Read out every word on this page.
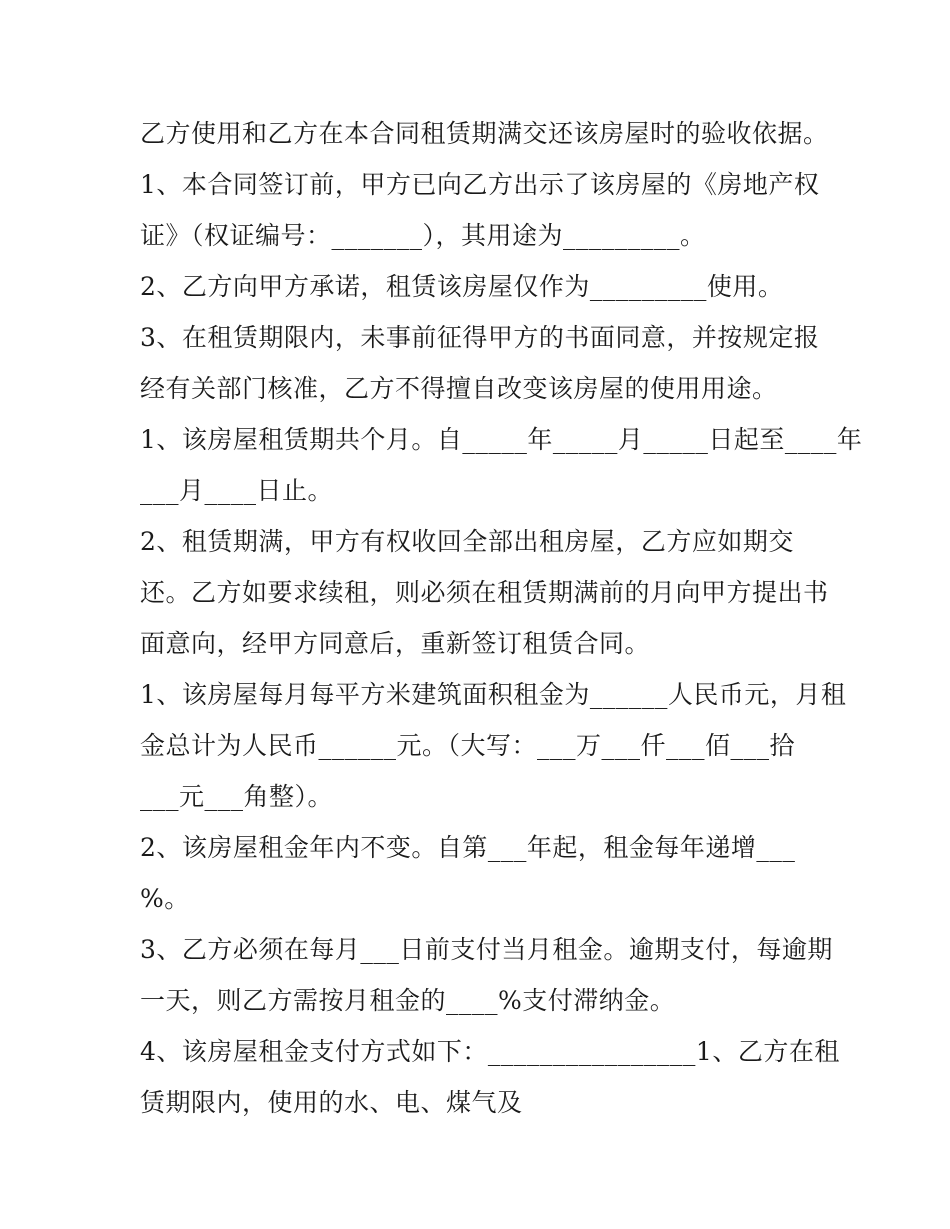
乙方使用和乙方在本合同租赁期满交还该房屋时的验收依据。
1、本合同签订前，甲方已向乙方出示了该房屋的《房地产权
证》（权证编号：_______），其用途为_________。
2、乙方向甲方承诺，租赁该房屋仅作为_________使用。
3、在租赁期限内，未事前征得甲方的书面同意，并按规定报
经有关部门核准，乙方不得擅自改变该房屋的使用用途。
1、该房屋租赁期共个月。自_____年_____月_____日起至____年
___月____日止。
2、租赁期满，甲方有权收回全部出租房屋，乙方应如期交
还。乙方如要求续租，则必须在租赁期满前的月向甲方提出书
面意向，经甲方同意后，重新签订租赁合同。
1、该房屋每月每平方米建筑面积租金为______人民币元，月租
金总计为人民币______元。（大写：___万___仟___佰___拾
___元___角整）。
2、该房屋租金年内不变。自第___年起，租金每年递增___
%。
3、乙方必须在每月___日前支付当月租金。逾期支付，每逾期
一天，则乙方需按月租金的____%支付滞纳金。
4、该房屋租金支付方式如下：________________1、乙方在租
赁期限内，使用的水、电、煤气及
